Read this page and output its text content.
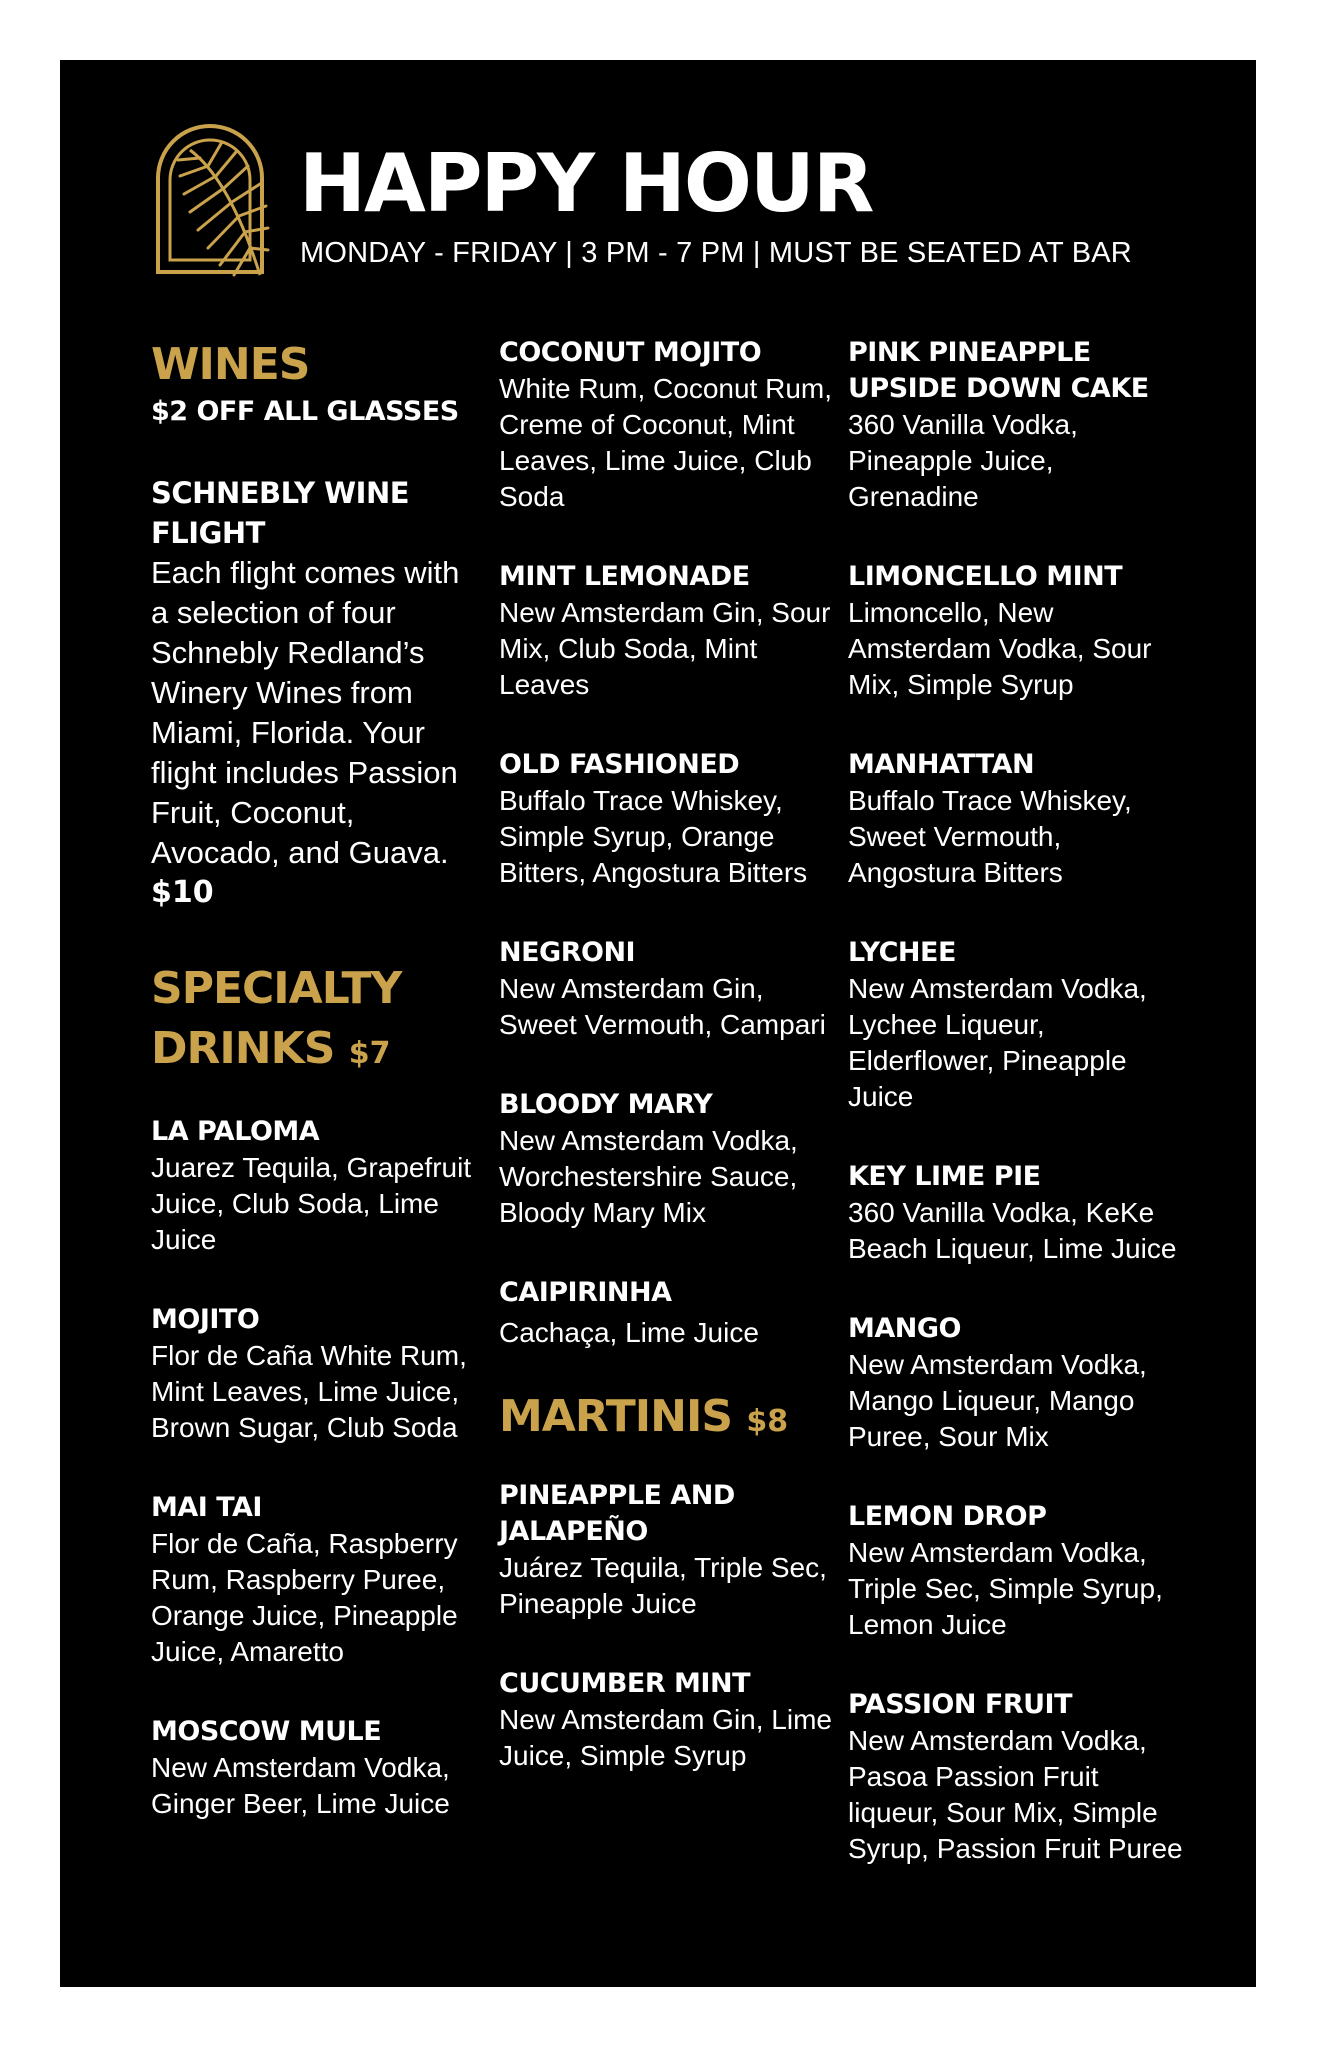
HAPPY HOUR
MONDAY - FRIDAY | 3 PM - 7 PM | MUST BE SEATED AT BAR
WINES
$2 OFF ALL GLASSES
SCHNEBLY WINE FLIGHT
Each flight comes with a selection of four Schnebly Redland’s Winery Wines from Miami, Florida. Your flight includes Passion Fruit, Coconut, Avocado, and Guava.
$10
SPECIALTY DRINKS $7
LA PALOMA
Juarez Tequila, Grapefruit Juice, Club Soda, Lime Juice
MOJITO
Flor de Caña White Rum, Mint Leaves, Lime Juice, Brown Sugar, Club Soda
MAI TAI
Flor de Caña, Raspberry Rum, Raspberry Puree, Orange Juice, Pineapple Juice, Amaretto
MOSCOW MULE
New Amsterdam Vodka, Ginger Beer, Lime Juice
COCONUT MOJITO
White Rum, Coconut Rum, Creme of Coconut, Mint Leaves, Lime Juice, Club Soda
MINT LEMONADE
New Amsterdam Gin, Sour Mix, Club Soda, Mint Leaves
OLD FASHIONED
Buffalo Trace Whiskey, Simple Syrup, Orange Bitters, Angostura Bitters
NEGRONI
New Amsterdam Gin, Sweet Vermouth, Campari
BLOODY MARY
New Amsterdam Vodka, Worchestershire Sauce, Bloody Mary Mix
CAIPIRINHA
Cachaça, Lime Juice
MARTINIS $8
PINEAPPLE AND JALAPEÑO
Juárez Tequila, Triple Sec, Pineapple Juice
CUCUMBER MINT
New Amsterdam Gin, Lime Juice, Simple Syrup
PINK PINEAPPLE UPSIDE DOWN CAKE
360 Vanilla Vodka, Pineapple Juice, Grenadine
LIMONCELLO MINT
Limoncello, New Amsterdam Vodka, Sour Mix, Simple Syrup
MANHATTAN
Buffalo Trace Whiskey, Sweet Vermouth, Angostura Bitters
LYCHEE
New Amsterdam Vodka, Lychee Liqueur, Elderflower, Pineapple Juice
KEY LIME PIE
360 Vanilla Vodka, KeKe Beach Liqueur, Lime Juice
MANGO
New Amsterdam Vodka, Mango Liqueur, Mango Puree, Sour Mix
LEMON DROP
New Amsterdam Vodka, Triple Sec, Simple Syrup, Lemon Juice
PASSION FRUIT
New Amsterdam Vodka, Pasoa Passion Fruit liqueur, Sour Mix, Simple Syrup, Passion Fruit Puree
